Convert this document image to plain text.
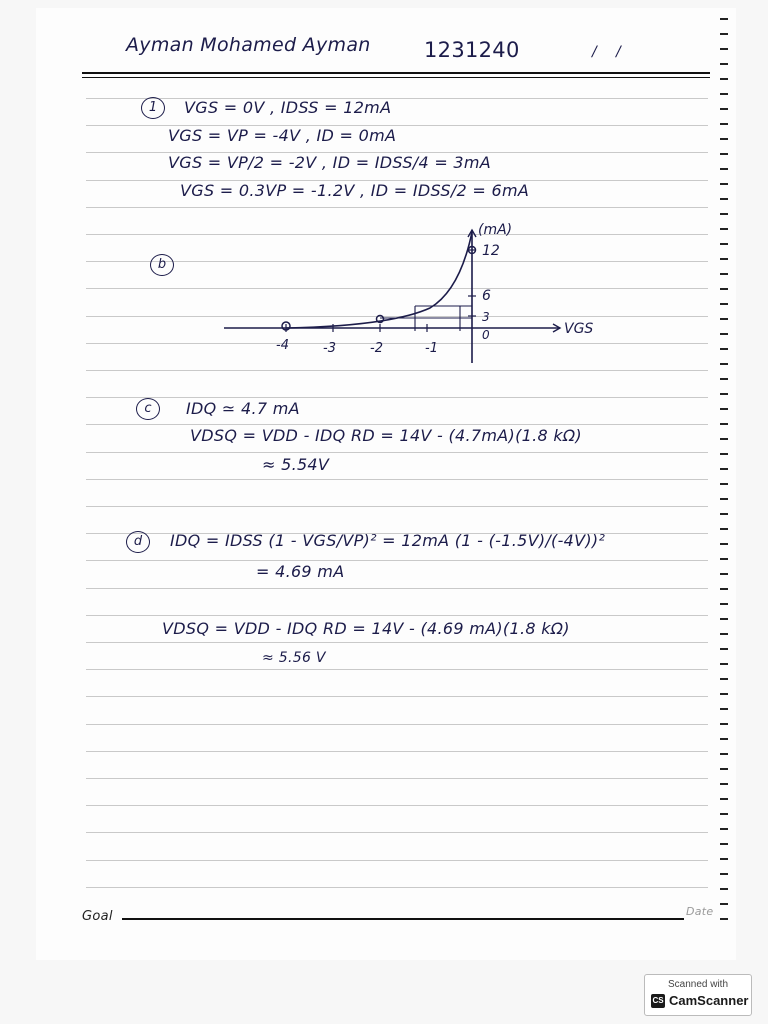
Ayman Mohamed Ayman	1231240	/    /
1	VGS = 0V , IDSS = 12mA
VGS = VP = -4V , ID = 0mA
VGS = VP/2 = -2V , ID = IDSS/4 = 3mA
VGS = 0.3VP = -1.2V , ID = IDSS/2 = 6mA
b
(mA)
12
6
3
0	VGS
-4	-3	-2	-1
c	IDQ ≃ 4.7 mA
VDSQ = VDD - IDQ RD = 14V - (4.7mA)(1.8 kΩ)
≈ 5.54V
d	IDQ = IDSS (1 - VGS/VP)² = 12mA (1 - (-1.5V)/(-4V))²
= 4.69 mA
VDSQ = VDD - IDQ RD = 14V - (4.69 mA)(1.8 kΩ)
≈ 5.56 V
Goal	Date
Scanned with
CS CamScanner
